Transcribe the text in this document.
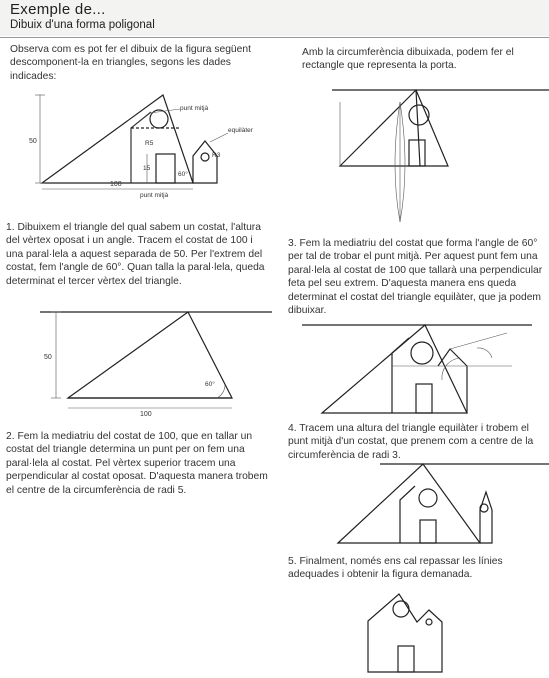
Exemple de...
Dibuix d'una forma poligonal
Observa com es pot fer el dibuix de la figura següent descomponent-la en triangles, segons les dades indicades:
1. Dibuixem el triangle del qual sabem un costat, l'altura del vèrtex oposat i un angle. Tracem el costat de 100 i una paral·lela a aquest separada de 50. Per l'extrem del costat, fem l'angle de 60°. Quan talla la paral·lela, queda determinat el tercer vèrtex del triangle.
2. Fem la mediatriu del costat de 100, que en tallar un costat del triangle determina un punt per on fem una paral·lela al costat. Pel vèrtex superior tracem una perpendicular al costat oposat. D'aquesta manera trobem el centre de la circumferència de radi 5.
Amb la circumferència dibuixada, podem fer el rectangle que representa la porta.
3. Fem la mediatriu del costat que forma l'angle de 60° per tal de trobar el punt mitjà. Per aquest punt fem una paral·lela al costat de 100 que tallarà una perpendicular feta pel seu extrem. D'aquesta manera ens queda determinat el costat del triangle equilàter, que ja podem dibuixar.
4. Tracem una altura del triangle equilàter i trobem el punt mitjà d'un costat, que prenem com a centre de la circumferència de radi 3.
5. Finalment, només ens cal repassar les línies adequades i obtenir la figura demanada.
punt mitjà
equilàter
R5
R3
50
15
60°
100
punt mitjà
50
60°
100
